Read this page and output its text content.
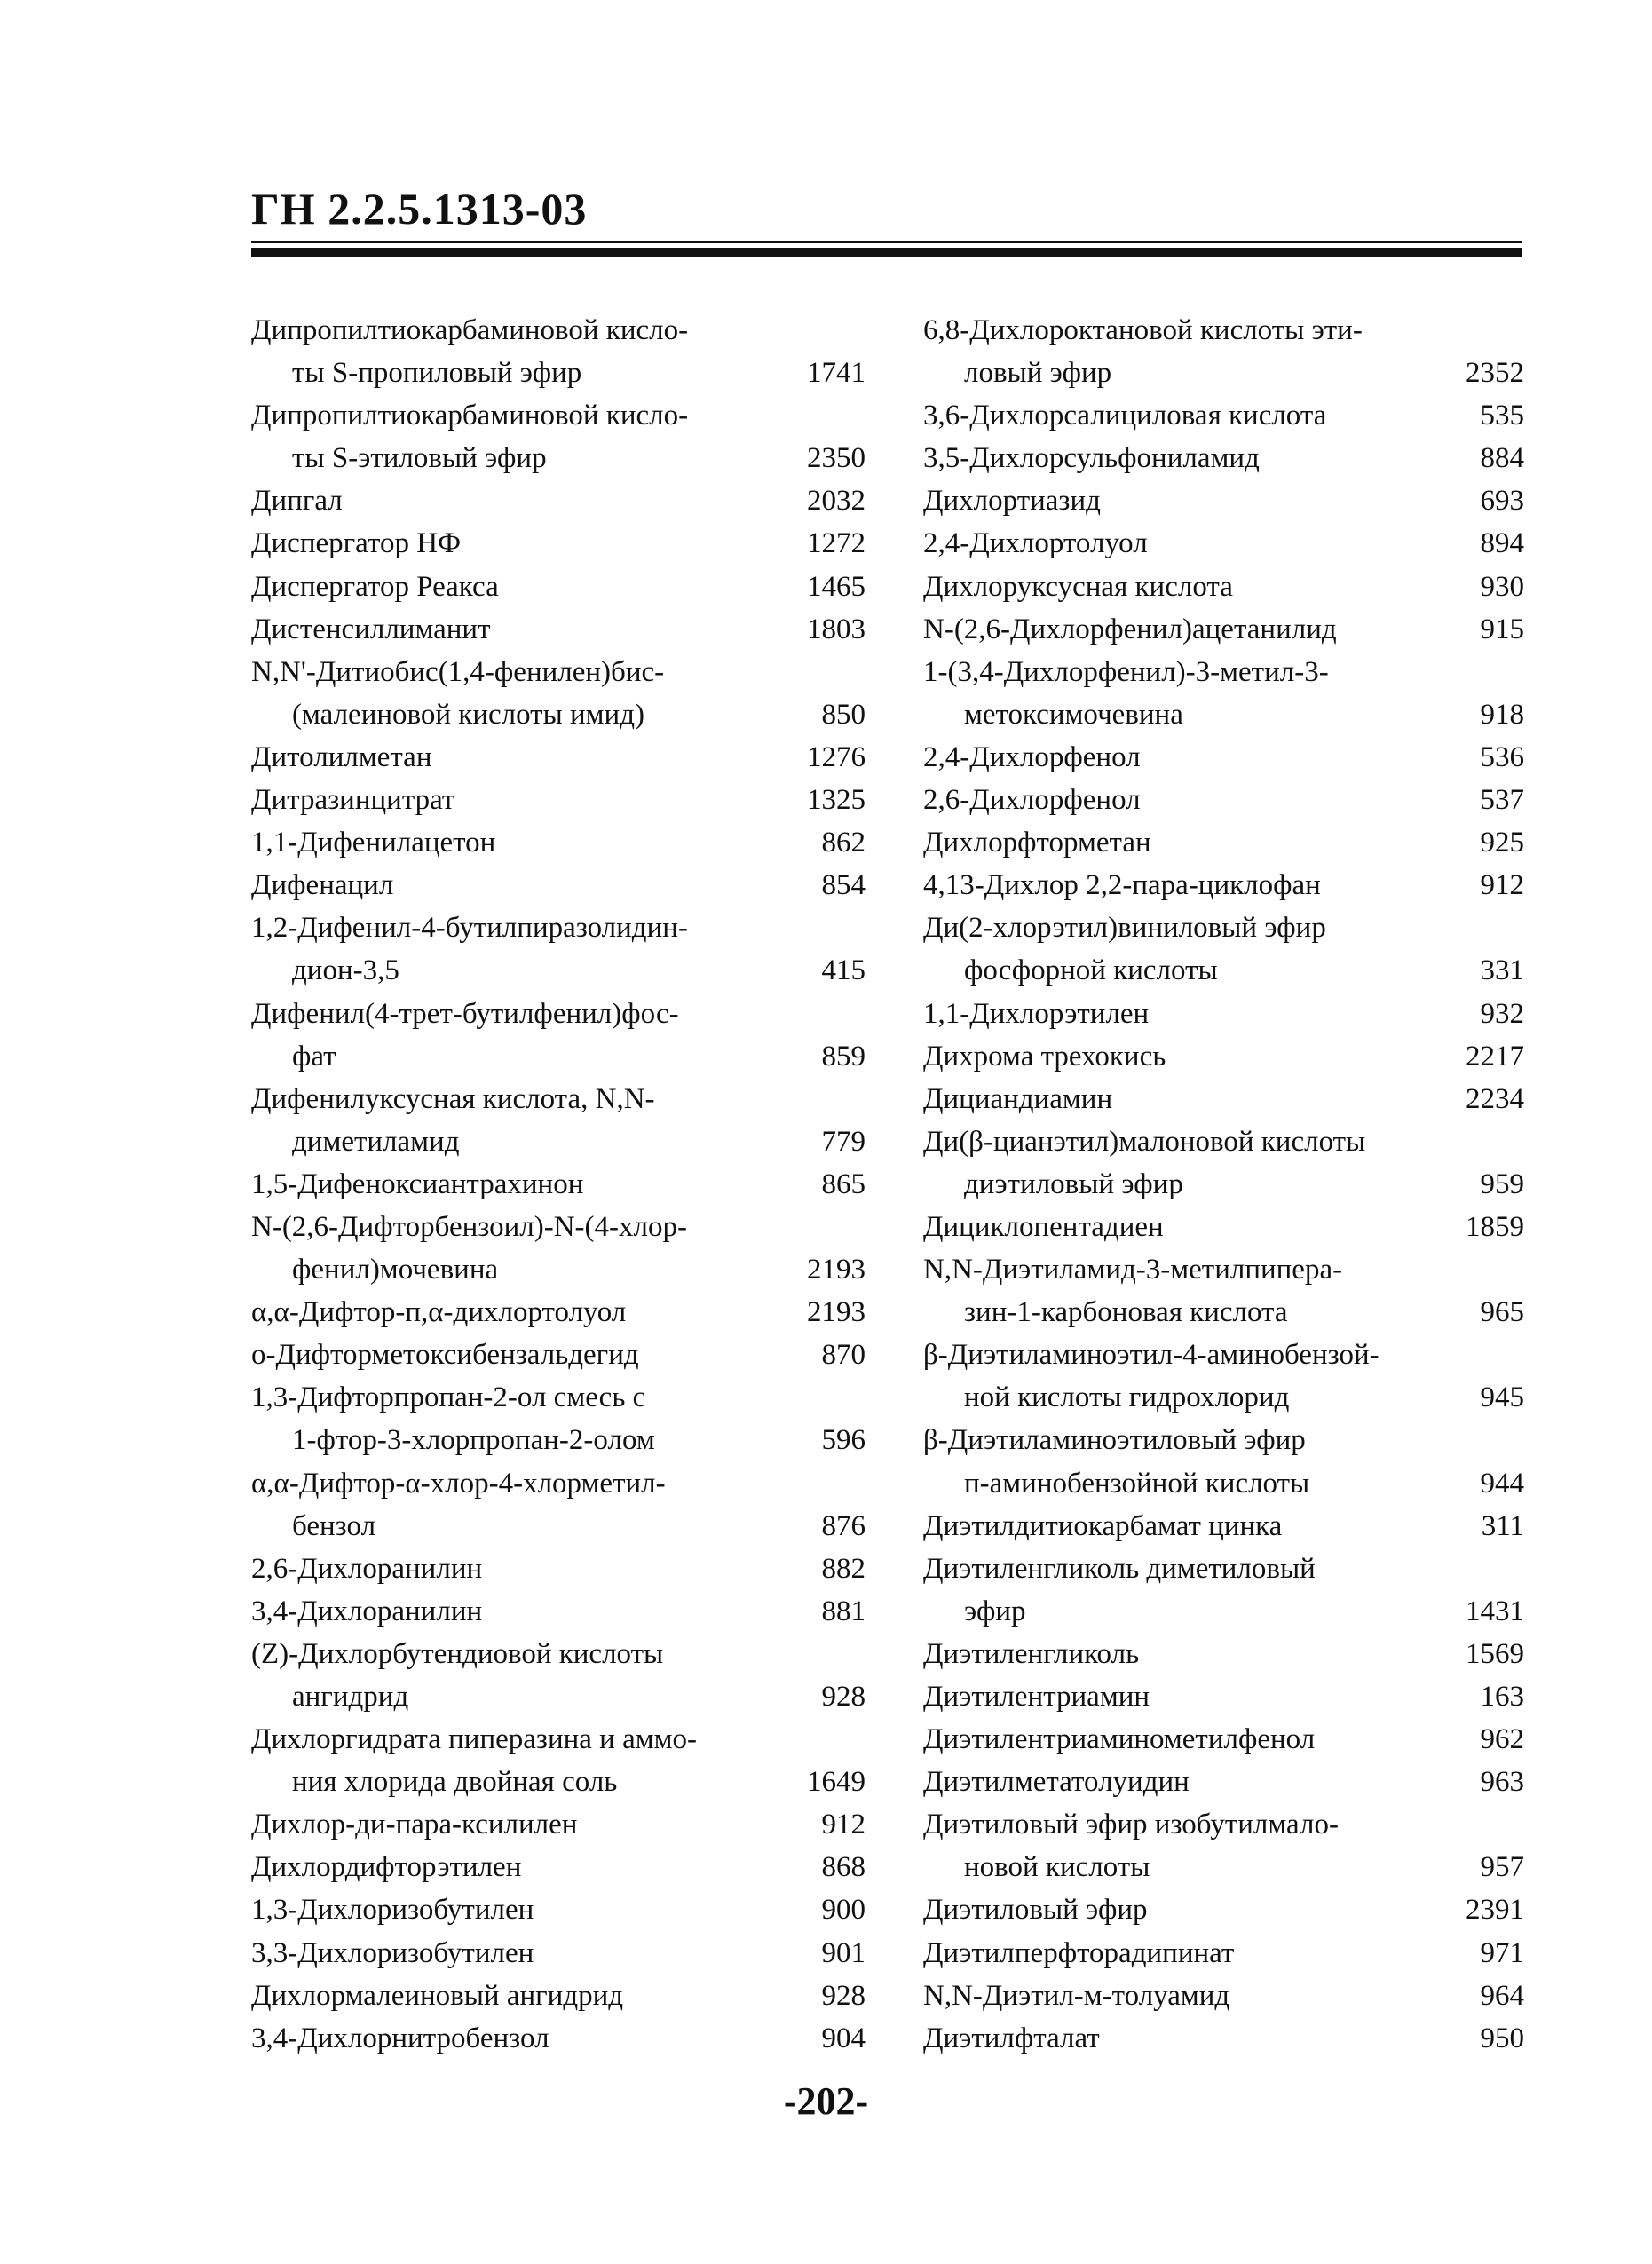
ГН 2.2.5.1313-03
Дипропилтиокарбаминовой кисло-
ты S-пропиловый эфир	1741
Дипропилтиокарбаминовой кисло-
ты S-этиловый эфир	2350
Дипгал	2032
Диспергатор НФ	1272
Диспергатор Реакса	1465
Дистенсиллиманит	1803
N,N'-Дитиобис(1,4-фенилен)бис-
(малеиновой кислоты имид)	850
Дитолилметан	1276
Дитразинцитрат	1325
1,1-Дифенилацетон	862
Дифенацил	854
1,2-Дифенил-4-бутилпиразолидин-
дион-3,5	415
Дифенил(4-трет-бутилфенил)фос-
фат	859
Дифенилуксусная кислота, N,N-
диметиламид	779
1,5-Дифеноксиантрахинон	865
N-(2,6-Дифторбензоил)-N-(4-хлор-
фенил)мочевина	2193
α,α-Дифтор-п,α-дихлортолуол	2193
о-Дифторметоксибензальдегид	870
1,3-Дифторпропан-2-ол смесь с
1-фтор-3-хлорпропан-2-олом	596
α,α-Дифтор-α-хлор-4-хлорметил-
бензол	876
2,6-Дихлоранилин	882
3,4-Дихлоранилин	881
(Z)-Дихлорбутендиовой кислоты
ангидрид	928
Дихлоргидрата пиперазина и аммо-
ния хлорида двойная соль	1649
Дихлор-ди-пара-ксилилен	912
Дихлордифторэтилен	868
1,3-Дихлоризобутилен	900
3,3-Дихлоризобутилен	901
Дихлормалеиновый ангидрид	928
3,4-Дихлорнитробензол	904
6,8-Дихлороктановой кислоты эти-
ловый эфир	2352
3,6-Дихлорсалициловая кислота	535
3,5-Дихлорсульфониламид	884
Дихлортиазид	693
2,4-Дихлортолуол	894
Дихлоруксусная кислота	930
N-(2,6-Дихлорфенил)ацетанилид	915
1-(3,4-Дихлорфенил)-3-метил-3-
метоксимочевина	918
2,4-Дихлорфенол	536
2,6-Дихлорфенол	537
Дихлорфторметан	925
4,13-Дихлор 2,2-пара-циклофан	912
Ди(2-хлорэтил)виниловый эфир
фосфорной кислоты	331
1,1-Дихлорэтилен	932
Дихрома трехокись	2217
Дициандиамин	2234
Ди(β-цианэтил)малоновой кислоты
диэтиловый эфир	959
Дициклопентадиен	1859
N,N-Диэтиламид-3-метилпипера-
зин-1-карбоновая кислота	965
β-Диэтиламиноэтил-4-аминобензой-
ной кислоты гидрохлорид	945
β-Диэтиламиноэтиловый эфир
п-аминобензойной кислоты	944
Диэтилдитиокарбамат цинка	311
Диэтиленгликоль диметиловый
эфир	1431
Диэтиленгликоль	1569
Диэтилентриамин	163
Диэтилентриаминометилфенол	962
Диэтилметатолуидин	963
Диэтиловый эфир изобутилмало-
новой кислоты	957
Диэтиловый эфир	2391
Диэтилперфторадипинат	971
N,N-Диэтил-м-толуамид	964
Диэтилфталат	950
-202-
